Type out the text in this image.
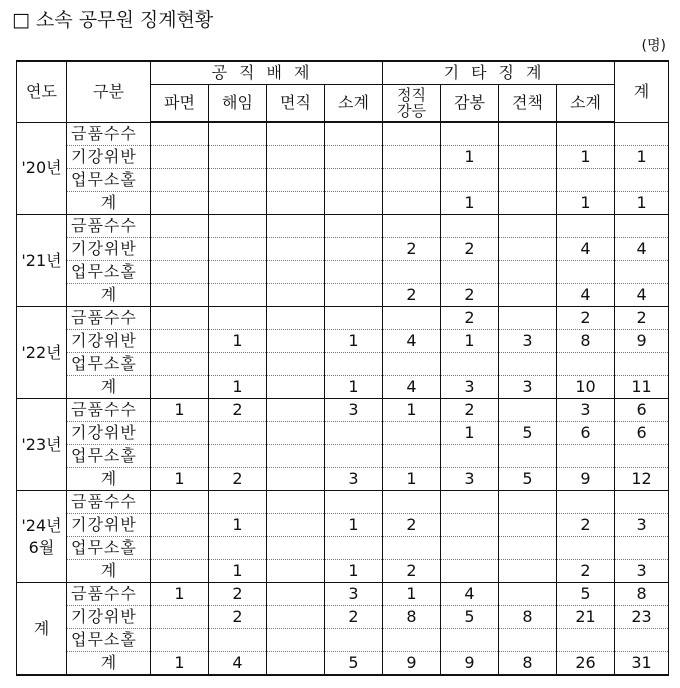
□ 소속 공무원 징계현황
(명)
연도	구분	공직배제				기타징계				계
		파면	해임	면직	소계	정직강등	감봉	견책	소계	
'20년	금품수수									
	기강위반						1		1	1
	업무소홀									
	계						1		1	1
'21년	금품수수									
	기강위반					2	2		4	4
	업무소홀									
	계					2	2		4	4
'22년	금품수수						2		2	2
	기강위반		1		1	4	1	3	8	9
	업무소홀									
	계		1		1	4	3	3	10	11
'23년	금품수수	1	2		3	1	2		3	6
	기강위반						1	5	6	6
	업무소홀									
	계	1	2		3	1	3	5	9	12
'24년 6월	금품수수									
	기강위반		1		1	2			2	3
	업무소홀									
	계		1		1	2			2	3
계	금품수수	1	2		3	1	4		5	8
	기강위반		2		2	8	5	8	21	23
	업무소홀									
	계	1	4		5	9	9	8	26	31
